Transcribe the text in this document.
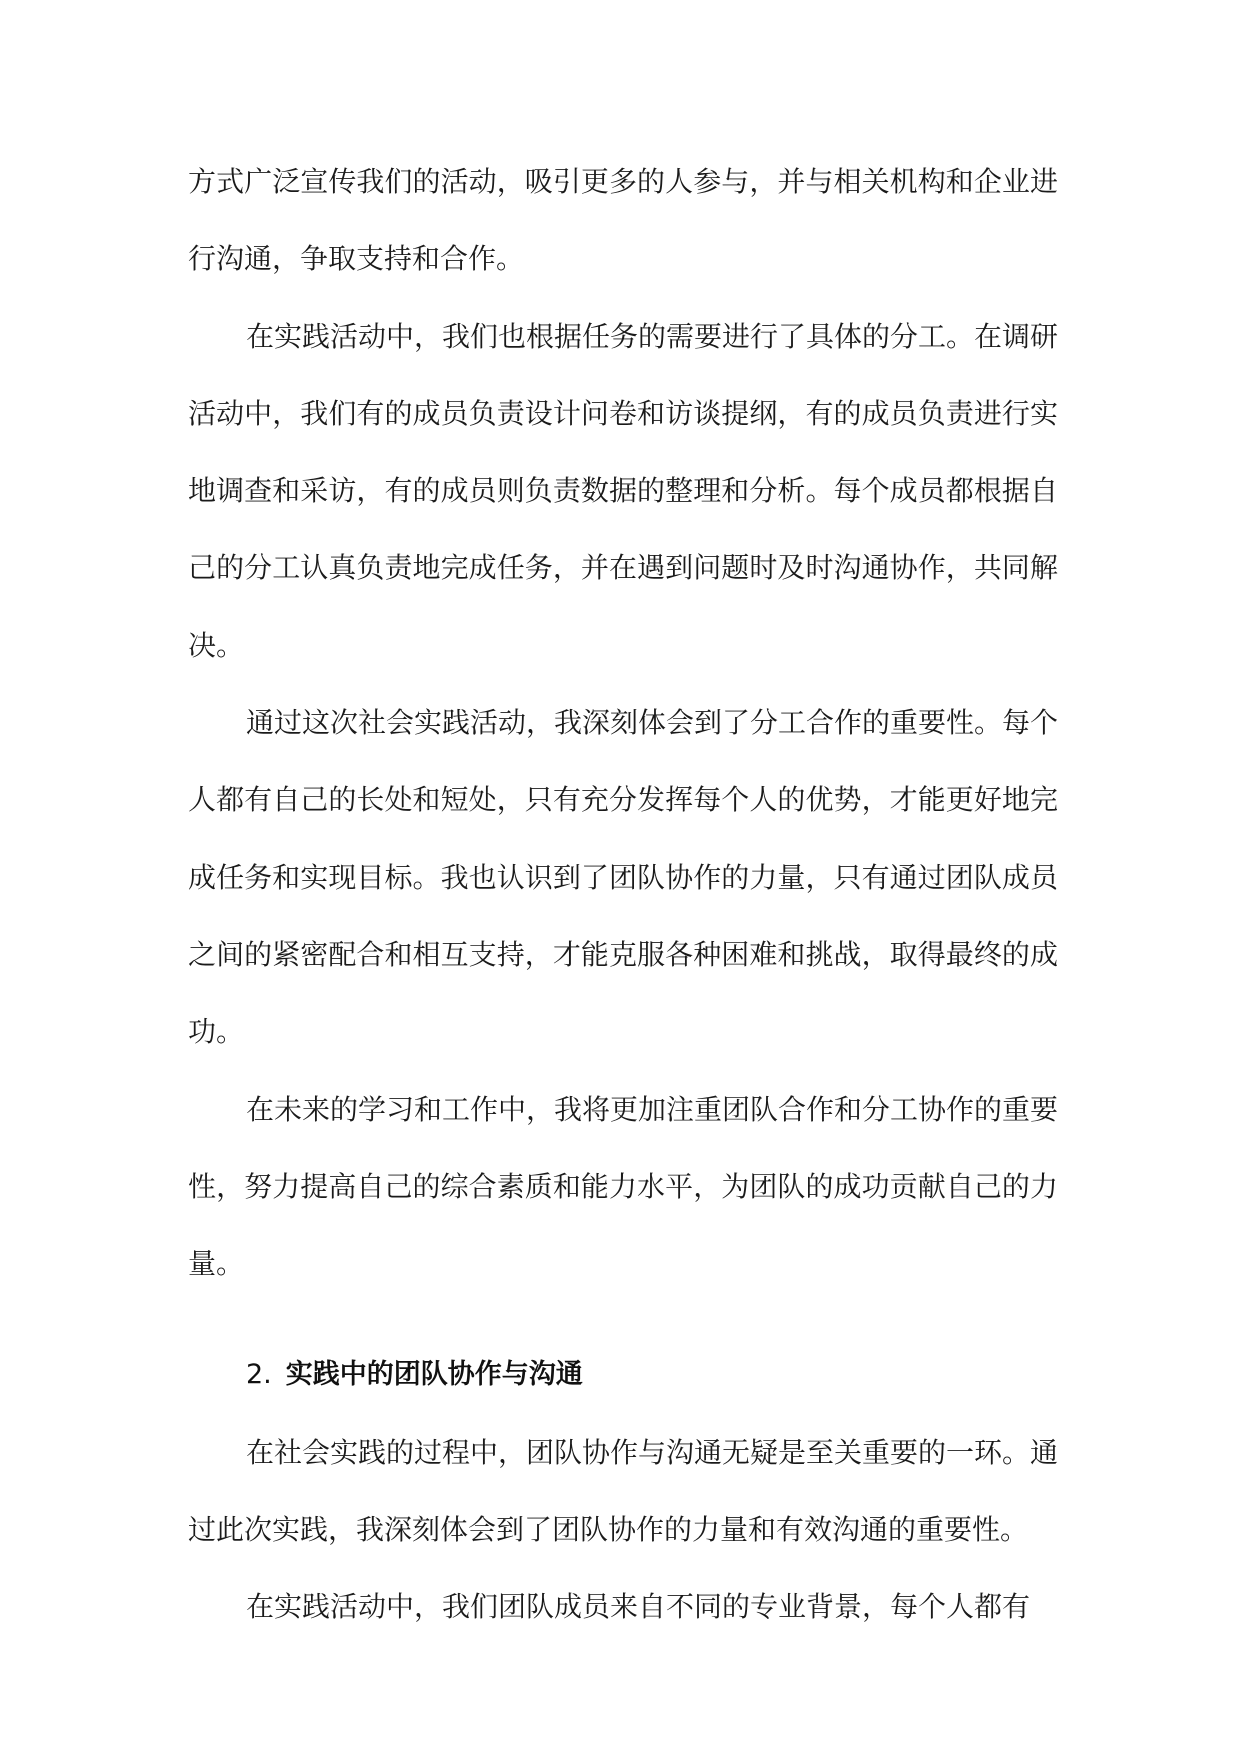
方式广泛宣传我们的活动，吸引更多的人参与，并与相关机构和企业进行沟通，争取支持和合作。

在实践活动中，我们也根据任务的需要进行了具体的分工。在调研活动中，我们有的成员负责设计问卷和访谈提纲，有的成员负责进行实地调查和采访，有的成员则负责数据的整理和分析。每个成员都根据自己的分工认真负责地完成任务，并在遇到问题时及时沟通协作，共同解决。

通过这次社会实践活动，我深刻体会到了分工合作的重要性。每个人都有自己的长处和短处，只有充分发挥每个人的优势，才能更好地完成任务和实现目标。我也认识到了团队协作的力量，只有通过团队成员之间的紧密配合和相互支持，才能克服各种困难和挑战，取得最终的成功。

在未来的学习和工作中，我将更加注重团队合作和分工协作的重要性，努力提高自己的综合素质和能力水平，为团队的成功贡献自己的力量。

2. 实践中的团队协作与沟通

在社会实践的过程中，团队协作与沟通无疑是至关重要的一环。通过此次实践，我深刻体会到了团队协作的力量和有效沟通的重要性。

在实践活动中，我们团队成员来自不同的专业背景，每个人都有
